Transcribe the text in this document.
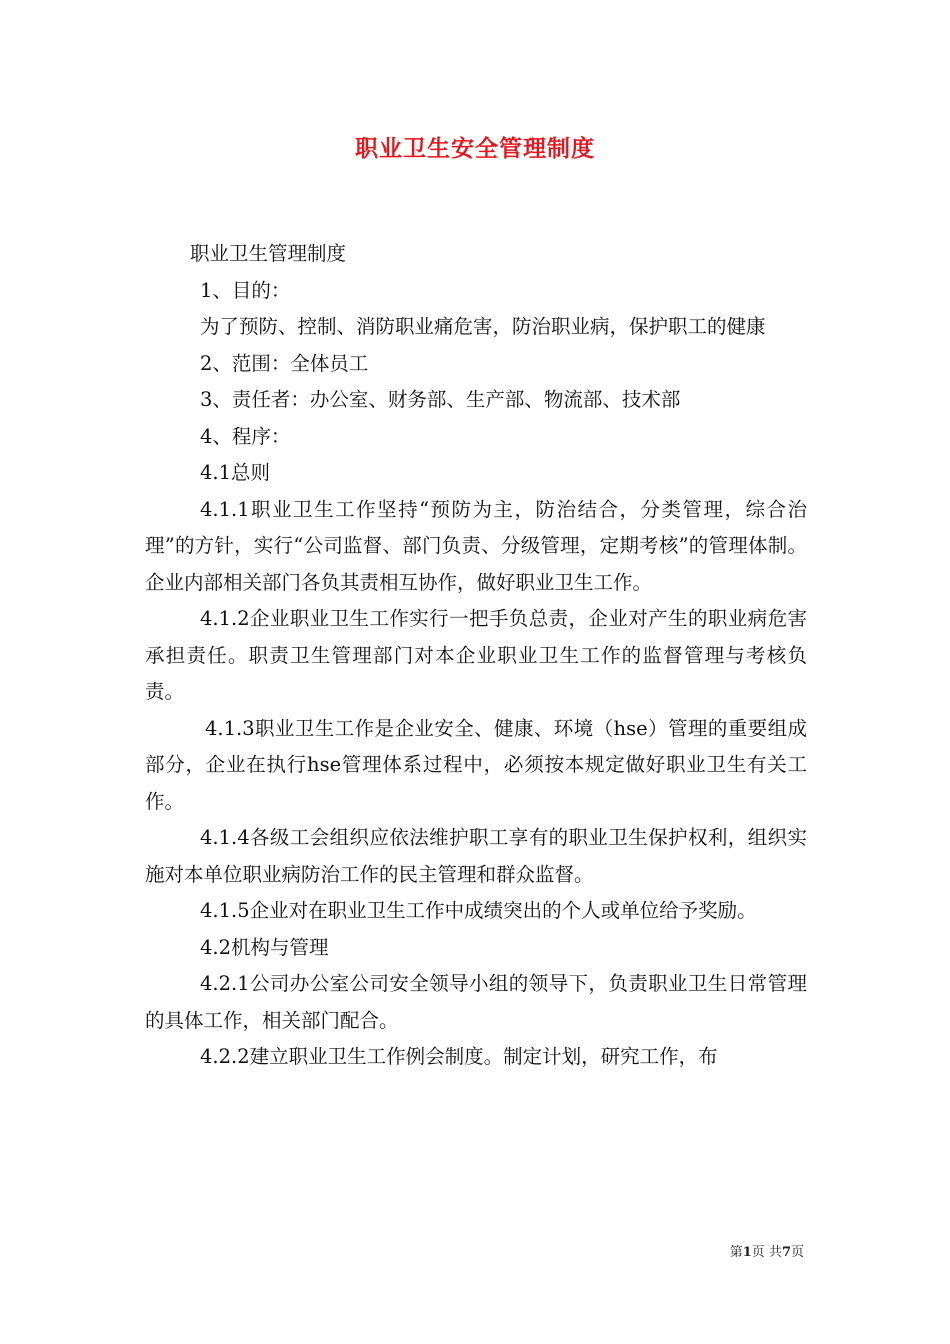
职业卫生安全管理制度

职业卫生管理制度

1、目的：

为了预防、控制、消防职业痛危害，防治职业病，保护职工的健康

2、范围：全体员工

3、责任者：办公室、财务部、生产部、物流部、技术部

4、程序：

4.1总则

4.1.1职业卫生工作坚持“预防为主，防治结合，分类管理，综合治理”的方针，实行“公司监督、部门负责、分级管理，定期考核”的管理体制。企业内部相关部门各负其责相互协作，做好职业卫生工作。

4.1.2企业职业卫生工作实行一把手负总责，企业对产生的职业病危害承担责任。职责卫生管理部门对本企业职业卫生工作的监督管理与考核负责。

4.1.3职业卫生工作是企业安全、健康、环境（hse）管理的重要组成部分，企业在执行hse管理体系过程中，必须按本规定做好职业卫生有关工作。

4.1.4各级工会组织应依法维护职工享有的职业卫生保护权利，组织实施对本单位职业病防治工作的民主管理和群众监督。

4.1.5企业对在职业卫生工作中成绩突出的个人或单位给予奖励。

4.2机构与管理

4.2.1公司办公室公司安全领导小组的领导下，负责职业卫生日常管理的具体工作，相关部门配合。

4.2.2建立职业卫生工作例会制度。制定计划，研究工作，布

第1页 共7页
